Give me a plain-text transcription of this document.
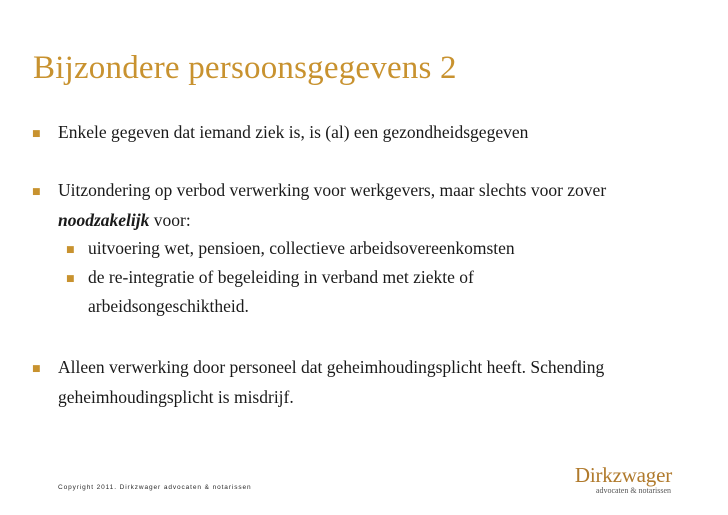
Bijzondere persoonsgegevens 2
■ Enkele gegeven dat iemand ziek is, is (al) een gezondheidsgegeven
■ Uitzondering op verbod verwerking voor werkgevers, maar slechts voor zover
noodzakelijk voor:
■ uitvoering wet, pensioen, collectieve arbeidsovereenkomsten
■ de re-integratie of begeleiding in verband met ziekte of
arbeidsongeschiktheid.
■ Alleen verwerking door personeel dat geheimhoudingsplicht heeft. Schending
geheimhoudingsplicht is misdrijf.
Copyright 2011. Dirkzwager advocaten & notarissen
Dirkzwager
advocaten & notarissen
